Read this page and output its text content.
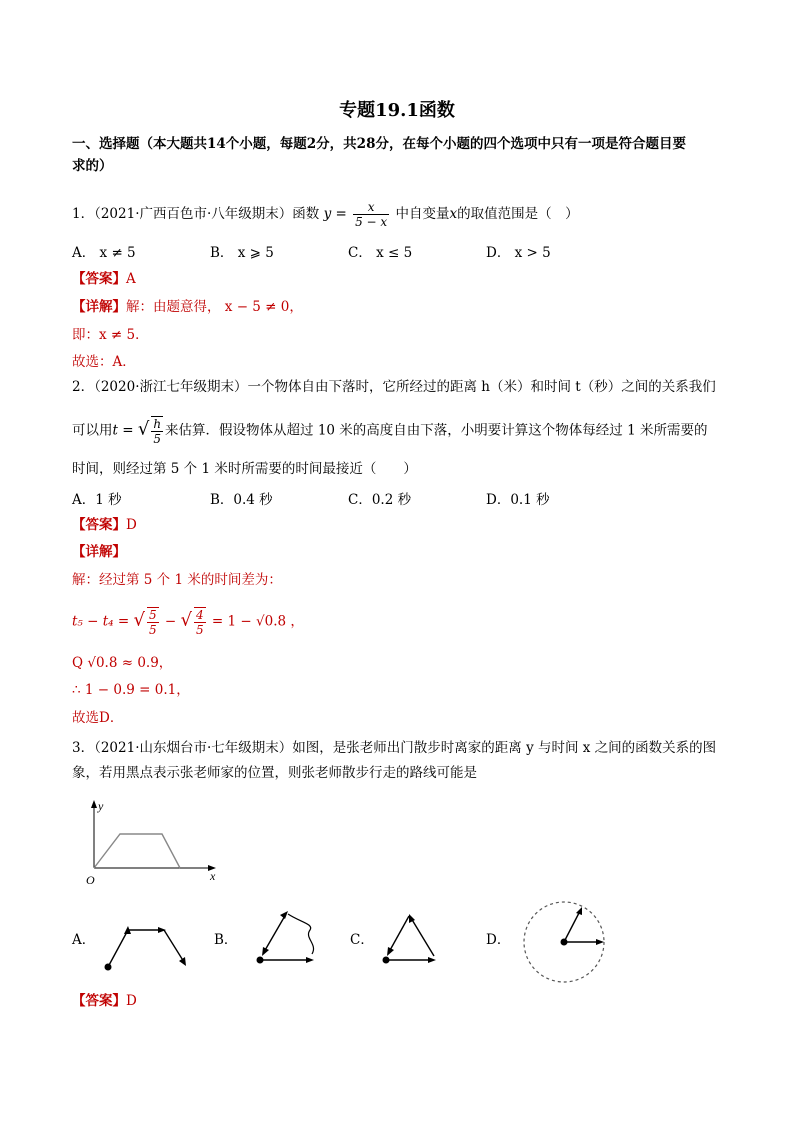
专题19.1函数
一、选择题（本大题共14个小题，每题2分，共28分，在每个小题的四个选项中只有一项是符合题目要
求的）
1．（2021·广西百色市·八年级期末）函数 $y = \frac{x}{5 - x}$ 中自变量x的取值范围是（　）
A． x ≠ 5	B． x ⩾ 5	C． x ≤ 5	D． x > 5
【答案】A
【详解】解：由题意得， x − 5 ≠ 0，
即：x ≠ 5．
故选：A．
2．（2020·浙江七年级期末）一个物体自由下落时，它所经过的距离 h（米）和时间 t（秒）之间的关系我们
可以用t = √ $\frac{h}{5}$ 来估算．假设物体从超过 10 米的高度自由下落，小明要计算这个物体每经过 1 米所需要的
时间，则经过第 5 个 1 米时所需要的时间最接近（　　）
A．1 秒	B．0.4 秒	C．0.2 秒	D．0.1 秒
【答案】D
【详解】
解：经过第 5 个 1 米的时间差为：
t₅ − t₄ = √ $\frac{5}{5}$ − √ $\frac{4}{5} = 1 - √0.8$ ，
Q √0.8 ≈ 0.9，
∴ 1 − 0.9 = 0.1，
故选D．
3．（2021·山东烟台市·七年级期末）如图，是张老师出门散步时离家的距离 y 与时间 x 之间的函数关系的图
象，若用黑点表示张老师家的位置，则张老师散步行走的路线可能是
y
x
O
A．	B．	C．	D．
【答案】D
